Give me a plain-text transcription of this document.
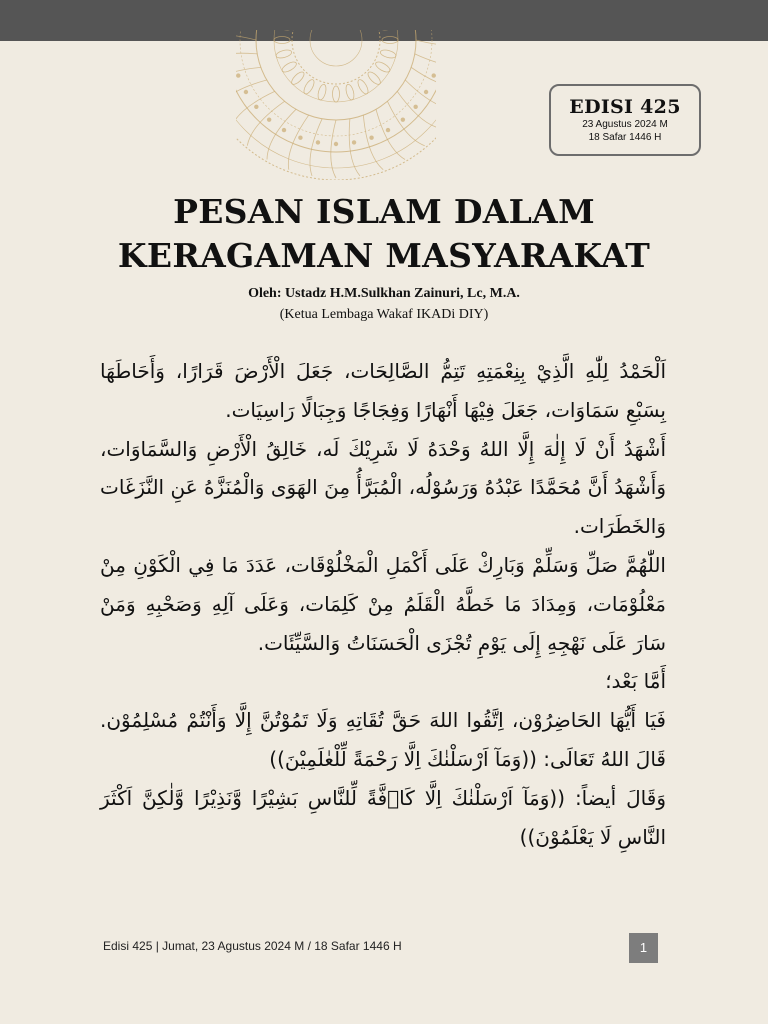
EDISI 425
23 Agustus 2024 M
18 Safar 1446 H
PESAN ISLAM DALAM
KERAGAMAN MASYARAKAT
Oleh: Ustadz H.M.Sulkhan Zainuri, Lc, M.A.
(Ketua Lembaga Wakaf IKADi DIY)

اَلْحَمْدُ لِلّٰهِ الَّذِيْ بِنِعْمَتِهِ تَتِمُّ الصَّالِحَات، جَعَلَ الْأَرْضَ قَرَارًا، وَأَحَاطَهَا بِسَبْعِ سَمَاوَات، جَعَلَ فِيْهَا أَنْهَارًا وَفِجَاجًا وَجِبَالًا رَاسِيَات.

أَشْهَدُ أَنْ لَا إِلٰهَ إِلَّا اللهُ وَحْدَهُ لَا شَرِيْكَ لَه، خَالِقُ الْأَرْضِ وَالسَّمَاوَات، وَأَشْهَدُ أَنَّ مُحَمَّدًا عَبْدُهُ وَرَسُوْلُه، الْمُبَرَّأُ مِنَ الهَوَى وَالْمُنَزَّهُ عَنِ النَّزَغَات وَالخَطَرَات.

اللّٰهُمَّ صَلِّ وَسَلِّمْ وَبَارِكْ عَلَى أَكْمَلِ الْمَخْلُوْقَات، عَدَدَ مَا فِي الْكَوْنِ مِنْ مَعْلُوْمَات، وَمِدَادَ مَا خَطَّهُ الْقَلَمُ مِنْ كَلِمَات، وَعَلَى آلِهِ وَصَحْبِهِ وَمَنْ سَارَ عَلَى نَهْجِهِ إِلَى يَوْمِ تُجْزَى الْحَسَنَاتُ وَالسَّيِّئَات.

أَمَّا بَعْد؛

فَيَا أَيُّهَا الحَاضِرُوْن، اِتَّقُوا اللهَ حَقَّ تُقَاتِهِ وَلَا تَمُوْتُنَّ إِلَّا وَأَنْتُمْ مُسْلِمُوْن. قَالَ اللهُ تَعَالَى: ((وَمَآ اَرْسَلْنٰكَ اِلَّا رَحْمَةً لِّلْعٰلَمِيْنَ))

وَقَالَ أيضاً: ((وَمَآ اَرْسَلْنٰكَ اِلَّا كَاۤفَّةً لِّلنَّاسِ بَشِيْرًا وَّنَذِيْرًا وَّلٰكِنَّ اَكْثَرَ النَّاسِ لَا يَعْلَمُوْنَ))

Edisi 425 | Jumat, 23 Agustus 2024 M / 18 Safar 1446 H	1
